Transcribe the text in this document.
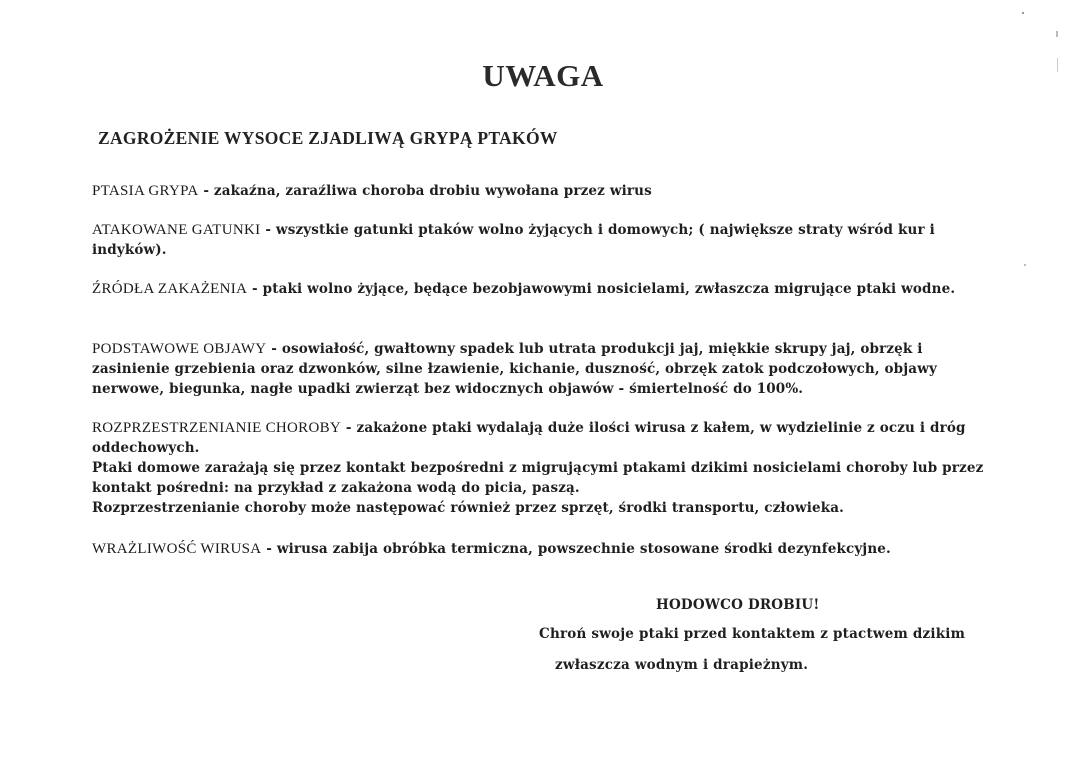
UWAGA
ZAGROŻENIE WYSOCE ZJADLIWĄ GRYPĄ PTAKÓW

PTASIA GRYPA - zakaźna, zaraźliwa choroba drobiu wywołana przez wirus

ATAKOWANE GATUNKI - wszystkie gatunki ptaków wolno żyjących i domowych; ( największe straty wśród kur i indyków).

ŹRÓDŁA ZAKAŻENIA - ptaki wolno żyjące, będące bezobjawowymi nosicielami, zwłaszcza migrujące ptaki wodne.

PODSTAWOWE OBJAWY - osowiałość, gwałtowny spadek lub utrata produkcji jaj, miękkie skrupy jaj, obrzęk i zasinienie grzebienia oraz dzwonków, silne łzawienie, kichanie, duszność, obrzęk zatok podczołowych, objawy nerwowe, biegunka, nagłe upadki zwierząt bez widocznych objawów - śmiertelność do 100%.

ROZPRZESTRZENIANIE CHOROBY - zakażone ptaki wydalają duże ilości wirusa z kałem, w wydzielinie z oczu i dróg oddechowych.

Ptaki domowe zarażają się przez kontakt bezpośredni z migrującymi ptakami dzikimi nosicielami choroby lub przez kontakt pośredni: na przykład z zakażona wodą do picia, paszą.

Rozprzestrzenianie choroby może następować również przez sprzęt, środki transportu, człowieka.

WRAŻLIWOŚĆ WIRUSA - wirusa zabija obróbka termiczna, powszechnie stosowane środki dezynfekcyjne.

HODOWCO DROBIU!

Chroń swoje ptaki przed kontaktem z ptactwem dzikim

zwłaszcza wodnym i drapieżnym.
